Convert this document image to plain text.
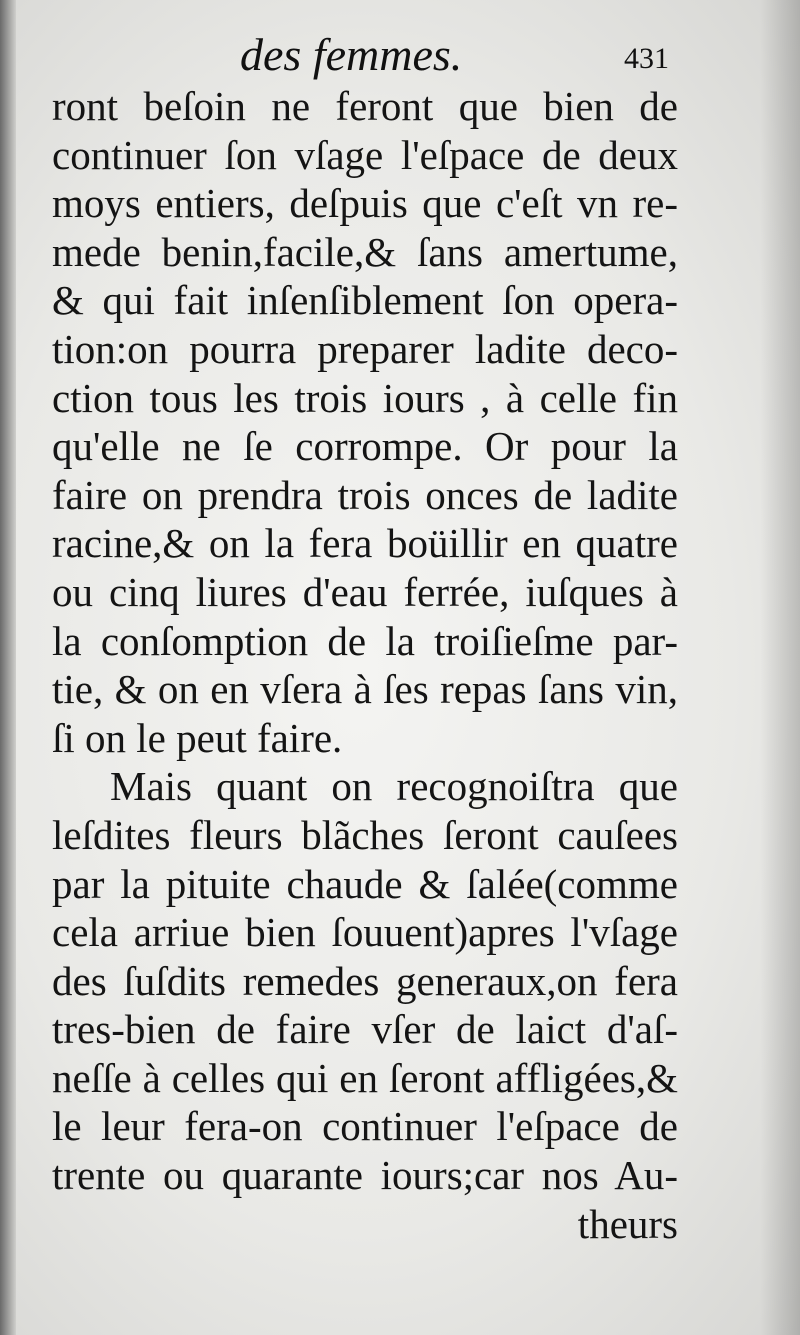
des femmes.	431
ront beſoin ne feront que bien de
continuer ſon vſage l'eſpace de deux
moys entiers, deſpuis que c'eſt vn re-
mede benin,facile,& ſans amertume,
& qui fait inſenſiblement ſon opera-
tion:on pourra preparer ladite deco-
ction tous les trois iours , à celle fin
qu'elle ne ſe corrompe. Or pour la
faire on prendra trois onces de ladite
racine,& on la fera boüillir en quatre
ou cinq liures d'eau ferrée, iuſques à
la conſomption de la troiſieſme par-
tie, & on en vſera à ſes repas ſans vin,
ſi on le peut faire.
Mais quant on recognoiſtra que
leſdites fleurs blãches ſeront cauſees
par la pituite chaude & ſalée(comme
cela arriue bien ſouuent)apres l'vſage
des ſuſdits remedes generaux,on fera
tres-bien de faire vſer de laict d'aſ-
neſſe à celles qui en ſeront affligées,&
le leur fera-on continuer l'eſpace de
trente ou quarante iours;car nos Au-
theurs
